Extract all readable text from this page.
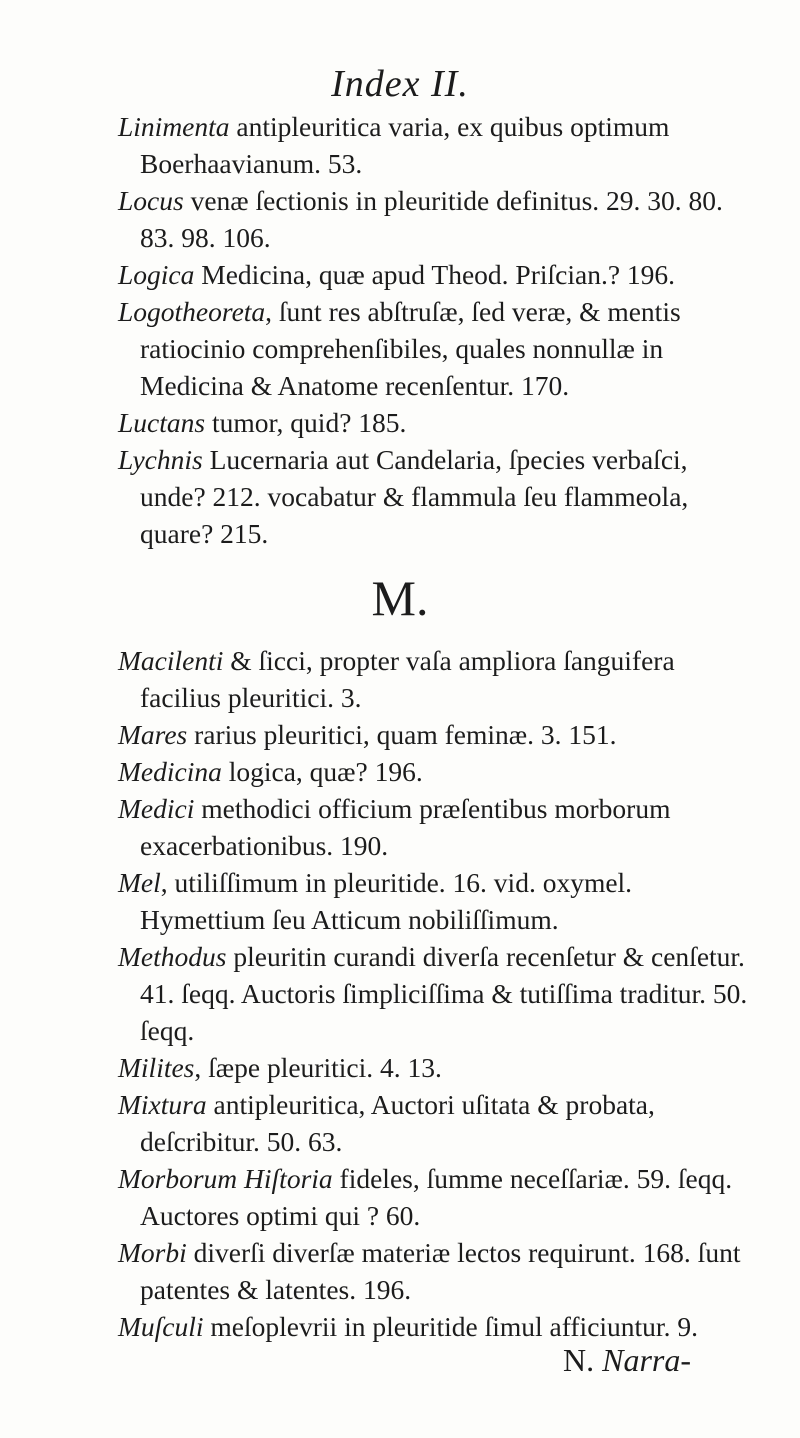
Index II.

Linimenta antipleuritica varia, ex quibus optimum Boerhaavianum. 53.

Locus venæ ſectionis in pleuritide definitus. 29. 30. 80. 83. 98. 106.

Logica Medicina, quæ apud Theod. Priſcian.? 196.

Logotheoreta, ſunt res abſtruſæ, ſed veræ, & mentis ratiocinio comprehenſibiles, quales nonnullæ in Medicina & Anatome recenſentur. 170.

Luctans tumor, quid? 185.

Lychnis Lucernaria aut Candelaria, ſpecies verbaſci, unde? 212. vocabatur & flammula ſeu flammeola, quare? 215.

M.

Macilenti & ſicci, propter vaſa ampliora ſanguifera facilius pleuritici. 3.

Mares rarius pleuritici, quam feminæ. 3. 151.

Medicina logica, quæ? 196.

Medici methodici officium præſentibus morborum exacerbationibus. 190.

Mel, utiliſſimum in pleuritide. 16. vid. oxymel. Hymettium ſeu Atticum nobiliſſimum.

Methodus pleuritin curandi diverſa recenſetur & cenſetur. 41. ſeqq. Auctoris ſimpliciſſima & tutiſſima traditur. 50. ſeqq.

Milites, ſæpe pleuritici. 4. 13.

Mixtura antipleuritica, Auctori uſitata & probata, deſcribitur. 50. 63.

Morborum Hiſtoria fideles, ſumme neceſſariæ. 59. ſeqq. Auctores optimi qui ? 60.

Morbi diverſi diverſæ materiæ lectos requirunt. 168. ſunt patentes & latentes. 196.

Muſculi meſoplevrii in pleuritide ſimul afficiuntur. 9.

N. Narra-
